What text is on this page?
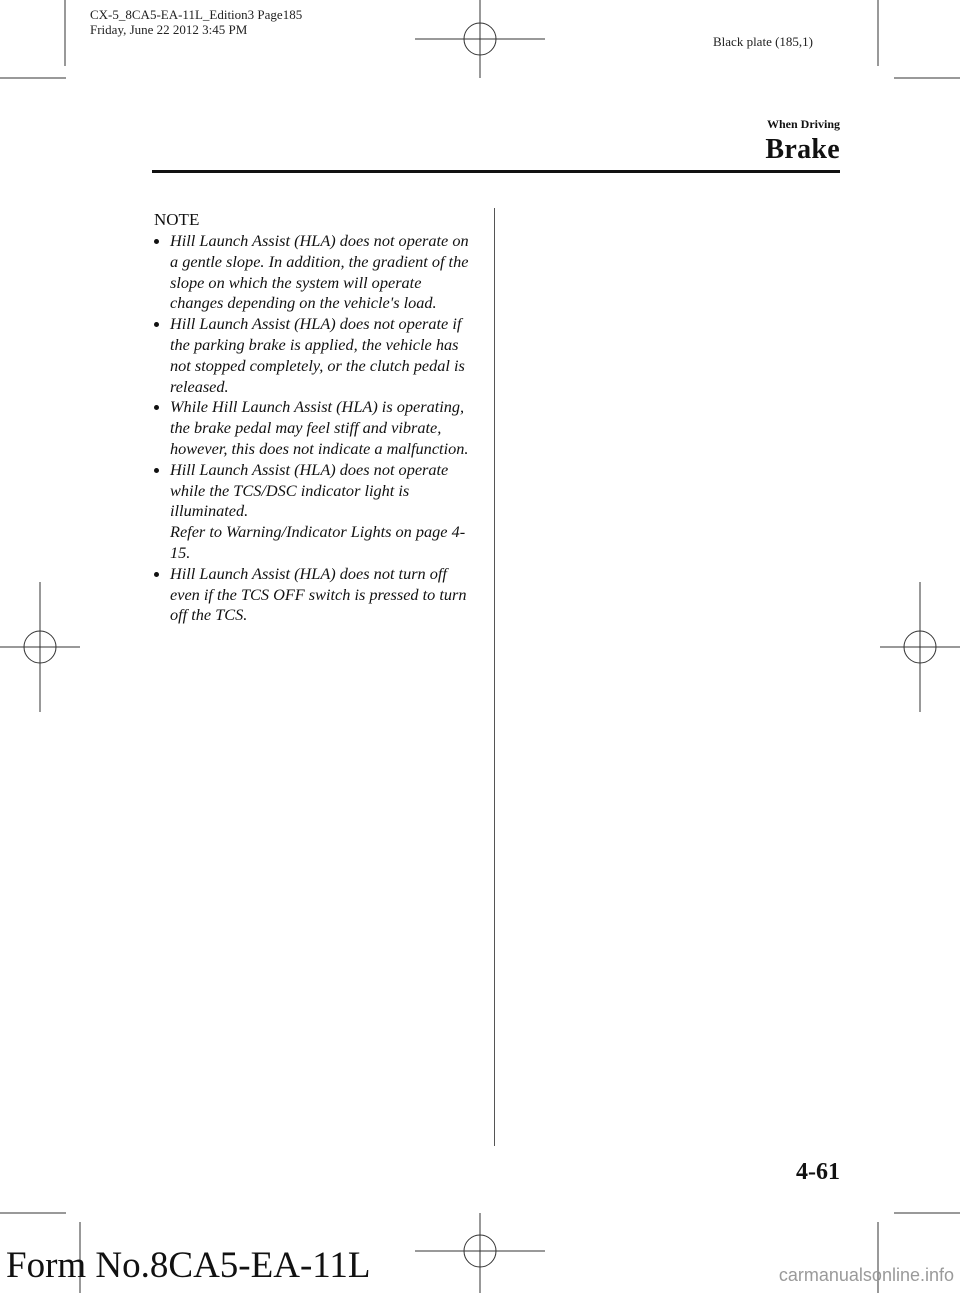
CX-5_8CA5-EA-11L_Edition3 Page185
Friday, June 22 2012 3:45 PM
Black plate (185,1)
When Driving
Brake
NOTE
Hill Launch Assist (HLA) does not operate on a gentle slope. In addition, the gradient of the slope on which the system will operate changes depending on the vehicle's load.
Hill Launch Assist (HLA) does not operate if the parking brake is applied, the vehicle has not stopped completely, or the clutch pedal is released.
While Hill Launch Assist (HLA) is operating, the brake pedal may feel stiff and vibrate, however, this does not indicate a malfunction.
Hill Launch Assist (HLA) does not operate while the TCS/DSC indicator light is illuminated.
Refer to Warning/Indicator Lights on page 4-15.
Hill Launch Assist (HLA) does not turn off even if the TCS OFF switch is pressed to turn off the TCS.
4-61
Form No.8CA5-EA-11L	carmanualsonline.info
